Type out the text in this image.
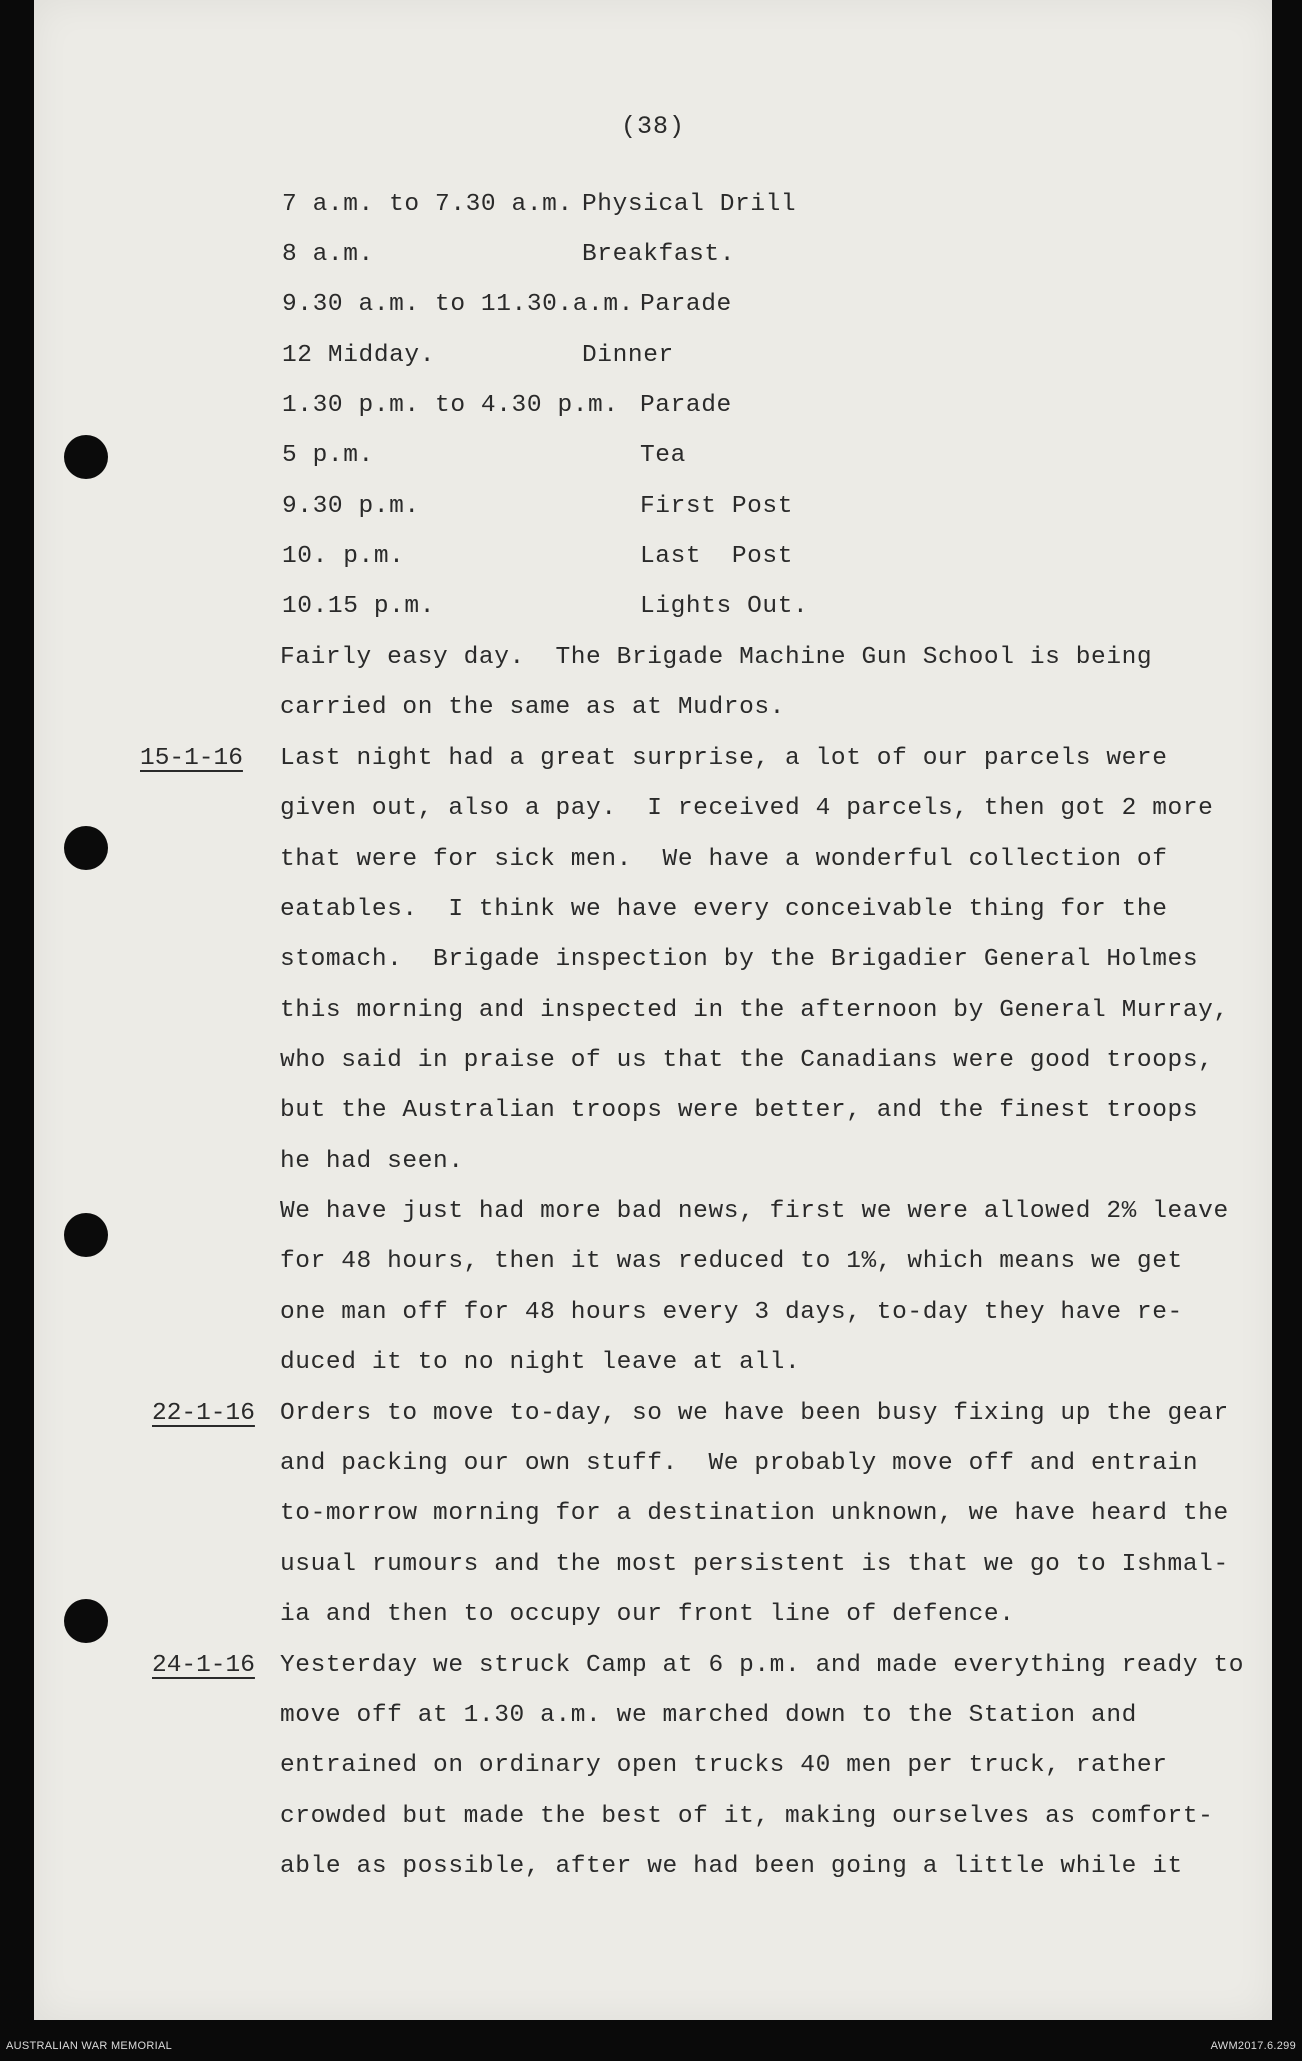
(38)
7 a.m. to 7.30 a.m. Physical Drill
8 a.m.	Breakfast.
9.30 a.m. to 11.30.a.m. Parade
12 Midday.	Dinner
1.30 p.m. to 4.30 p.m. Parade
5 p.m.	Tea
9.30 p.m.	First Post
10. p.m.	Last  Post
10.15 p.m.	Lights Out.
Fairly easy day.  The Brigade Machine Gun School is being
carried on the same as at Mudros.
15-1-16 Last night had a great surprise, a lot of our parcels were
given out, also a pay.  I received 4 parcels, then got 2 more
that were for sick men.  We have a wonderful collection of
eatables.  I think we have every conceivable thing for the
stomach.  Brigade inspection by the Brigadier General Holmes
this morning and inspected in the afternoon by General Murray,
who said in praise of us that the Canadians were good troops,
but the Australian troops were better, and the finest troops
he had seen.
We have just had more bad news, first we were allowed 2% leave
for 48 hours, then it was reduced to 1%, which means we get
one man off for 48 hours every 3 days, to-day they have re-
duced it to no night leave at all.
22-1-16 Orders to move to-day, so we have been busy fixing up the gear
and packing our own stuff.  We probably move off and entrain
to-morrow morning for a destination unknown, we have heard the
usual rumours and the most persistent is that we go to Ishmal-
ia and then to occupy our front line of defence.
24-1-16 Yesterday we struck Camp at 6 p.m. and made everything ready to
move off at 1.30 a.m. we marched down to the Station and
entrained on ordinary open trucks 40 men per truck, rather
crowded but made the best of it, making ourselves as comfort-
able as possible, after we had been going a little while it
AUSTRALIAN WAR MEMORIAL	AWM2017.6.299
